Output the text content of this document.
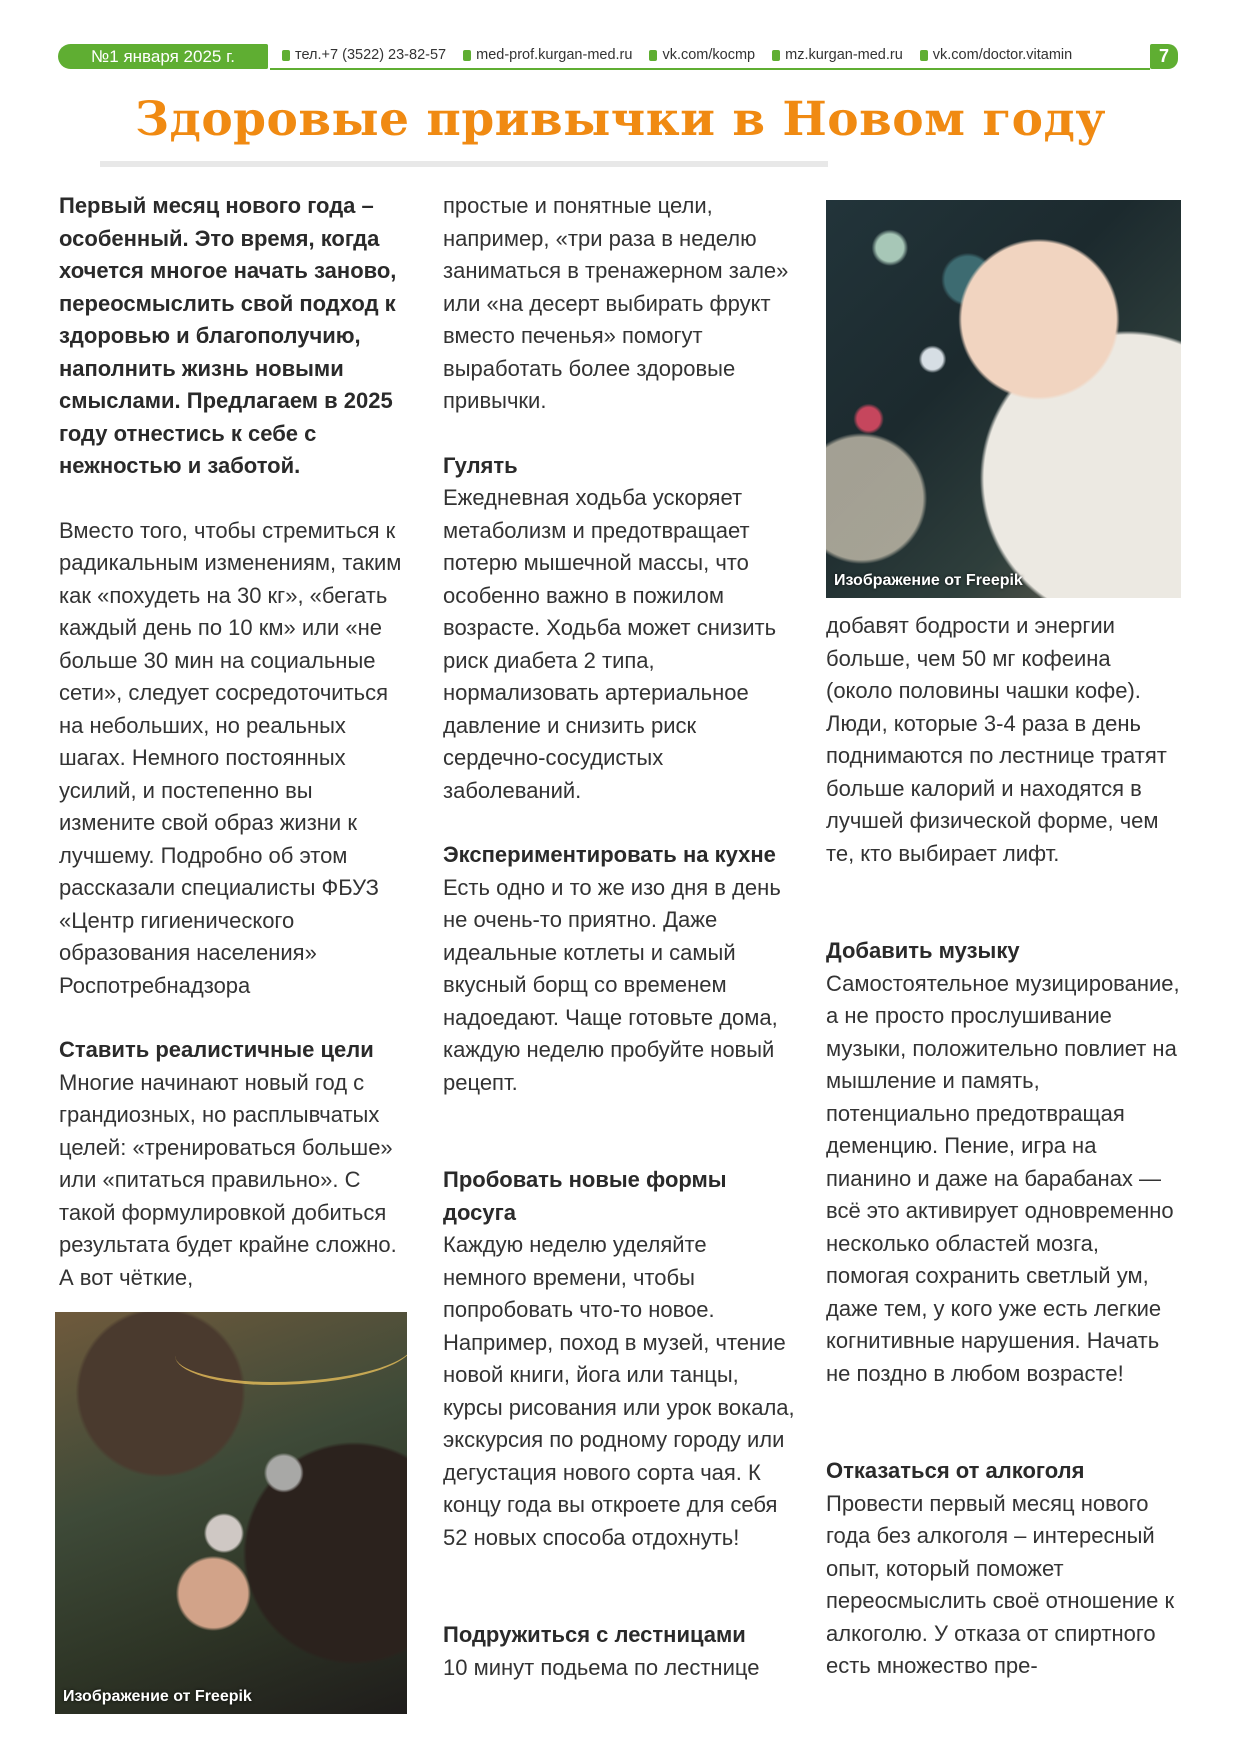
№1 января 2025 г.	тел.+7 (3522) 23-82-57 med-prof.kurgan-med.ru vk.com/kocmp mz.kurgan-med.ru vk.com/doctor.vitamin	7
Здоровые привычки в Новом году

Первый месяц нового года – особенный. Это время, когда хочется многое начать заново, переосмыслить свой подход к здоровью и благополучию, наполнить жизнь новыми смыслами. Предлагаем в 2025 году отнестись к себе с нежностью и заботой.

Вместо того, чтобы стремиться к радикальным изменениям, таким как «похудеть на 30 кг», «бегать каждый день по 10 км» или «не больше 30 мин на социальные сети», следует сосредоточиться на небольших, но реальных шагах. Немного постоянных усилий, и постепенно вы измените свой образ жизни к лучшему. Подробно об этом рассказали специалисты ФБУЗ «Центр гигиенического образования населения» Роспотребнадзора

Ставить реалистичные цели

Многие начинают новый год с грандиозных, но расплывчатых целей: «тренироваться больше» или «питаться правильно». С такой формулировкой добиться результата будет крайне сложно. А вот чёткие,

простые и понятные цели, например, «три раза в неделю заниматься в тренажерном зале» или «на десерт выбирать фрукт вместо печенья» помогут выработать более здоровые привычки.

Гулять

Ежедневная ходьба ускоряет метаболизм и предотвращает потерю мышечной массы, что особенно важно в пожилом возрасте. Ходьба может снизить риск диабета 2 типа, нормализовать артериальное давление и снизить риск сердечно-сосудистых заболеваний.

Экспериментировать на кухне

Есть одно и то же изо дня в день не очень-то приятно. Даже идеальные котлеты и самый вкусный борщ со временем надоедают. Чаще готовьте дома, каждую неделю пробуйте новый рецепт.

Пробовать новые формы досуга

Каждую неделю уделяйте немного времени, чтобы попробовать что-то новое. Например, поход в музей, чтение новой книги, йога или танцы, курсы рисования или урок вокала, экскурсия по родному городу или дегустация нового сорта чая. К концу года вы откроете для себя 52 новых способа отдохнуть!

Подружиться с лестницами

10 минут подьема по лестнице

добавят бодрости и энергии больше, чем 50 мг кофеина (около половины чашки кофе). Люди, которые 3-4 раза в день поднимаются по лестнице тратят больше калорий и находятся в лучшей физической форме, чем те, кто выбирает лифт.

Добавить музыку

Самостоятельное музицирование, а не просто прослушивание музыки, положительно повлиет на мышление и память, потенциально предотвращая деменцию. Пение, игра на пианино и даже на барабанах — всё это активирует одновременно несколько областей мозга, помогая сохранить светлый ум, даже тем, у кого уже есть легкие когнитивные нарушения. Начать не поздно в любом возрасте!

Отказаться от алкоголя

Провести первый месяц нового года без алкоголя – интересный опыт, который поможет переосмыслить своё отношение к алкоголю. У отказа от спиртного есть множество пре-

Изображение от Freepik
Изображение от Freepik
